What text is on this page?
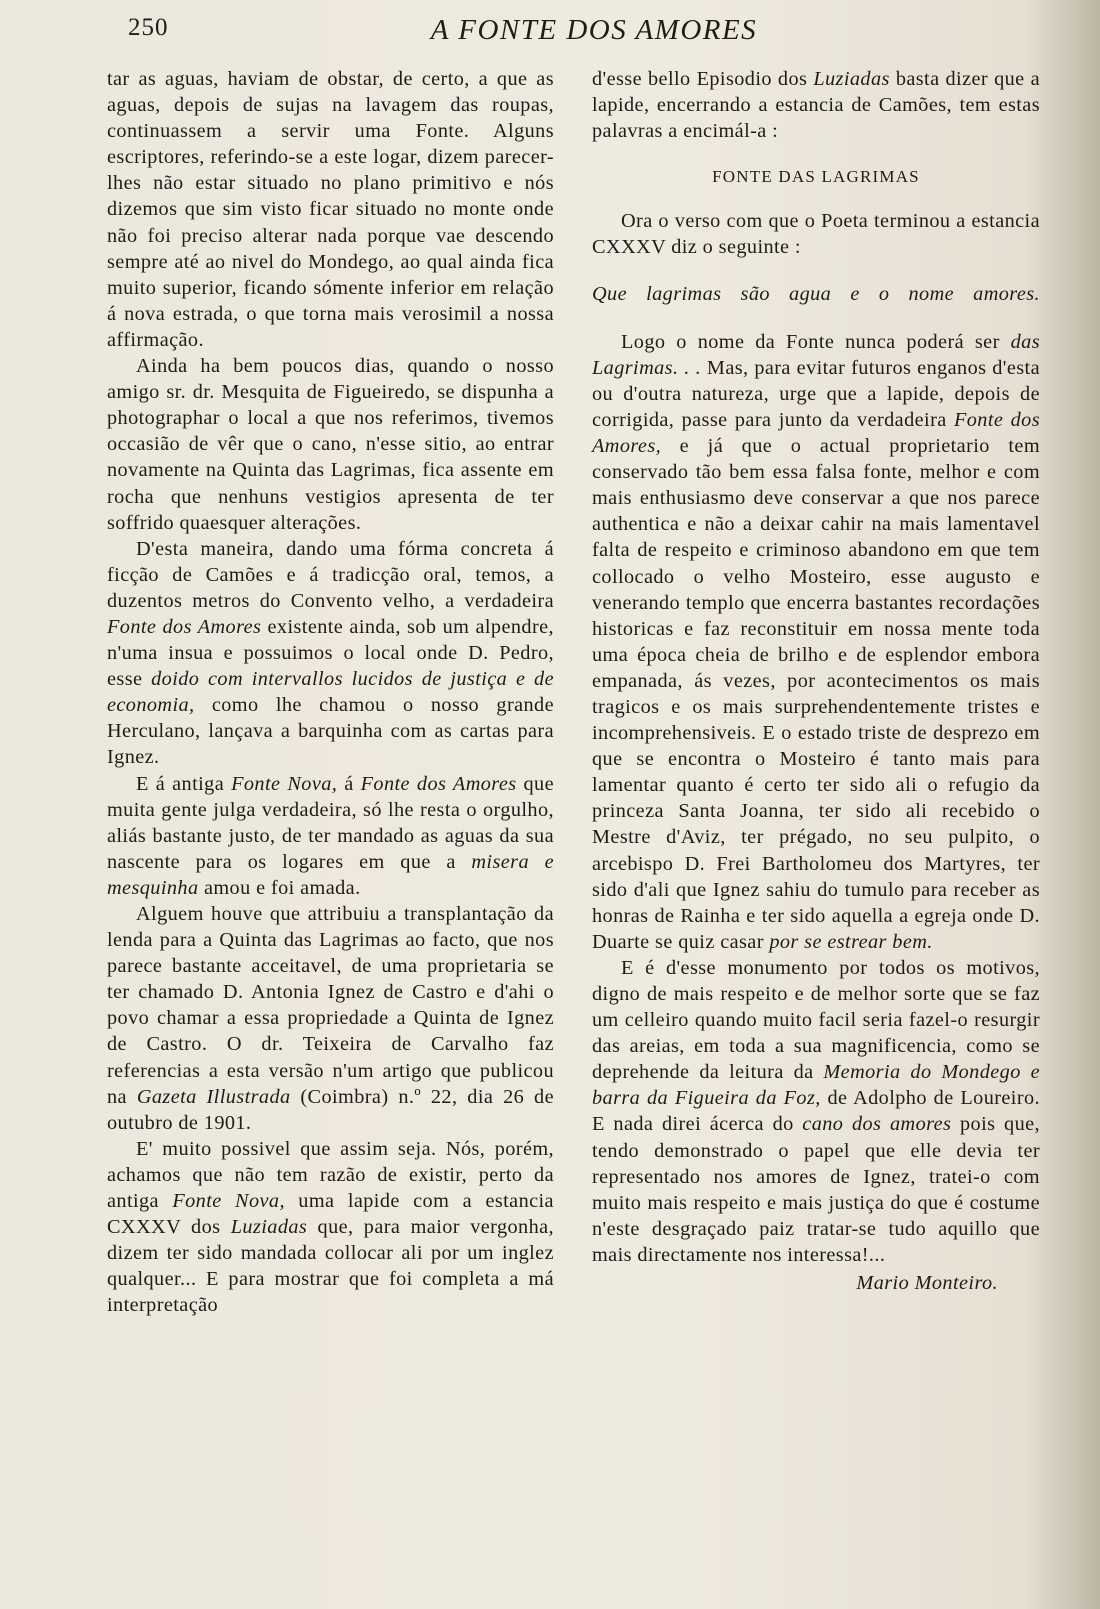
250	A FONTE DOS AMORES

tar as aguas, haviam de obstar, de certo, a que as aguas, depois de sujas na lavagem das roupas, continuassem a servir uma Fonte. Alguns escriptores, referindo-se a este logar, dizem parecer-lhes não estar situado no plano primitivo e nós dizemos que sim visto ficar situado no monte onde não foi preciso alterar nada porque vae descendo sempre até ao nivel do Mondego, ao qual ainda fica muito superior, ficando sómente inferior em relação á nova estrada, o que torna mais verosimil a nossa affirmação.

Ainda ha bem poucos dias, quando o nosso amigo sr. dr. Mesquita de Figueiredo, se dispunha a photographar o local a que nos referimos, tivemos occasião de vêr que o cano, n'esse sitio, ao entrar novamente na Quinta das Lagrimas, fica assente em rocha que nenhuns vestigios apresenta de ter soffrido quaesquer alterações.

D'esta maneira, dando uma fórma concreta á ficção de Camões e á tradicção oral, temos, a duzentos metros do Convento velho, a verdadeira Fonte dos Amores existente ainda, sob um alpendre, n'uma insua e possuimos o local onde D. Pedro, esse doido com intervallos lucidos de justiça e de economia, como lhe chamou o nosso grande Herculano, lançava a barquinha com as cartas para Ignez.

E á antiga Fonte Nova, á Fonte dos Amores que muita gente julga verdadeira, só lhe resta o orgulho, aliás bastante justo, de ter mandado as aguas da sua nascente para os logares em que a misera e mesquinha amou e foi amada.

Alguem houve que attribuiu a transplantação da lenda para a Quinta das Lagrimas ao facto, que nos parece bastante acceitavel, de uma proprietaria se ter chamado D. Antonia Ignez de Castro e d'ahi o povo chamar a essa propriedade a Quinta de Ignez de Castro. O dr. Teixeira de Carvalho faz referencias a esta versão n'um artigo que publicou na Gazeta Illustrada (Coimbra) n.º 22, dia 26 de outubro de 1901.

E' muito possivel que assim seja. Nós, porém, achamos que não tem razão de existir, perto da antiga Fonte Nova, uma lapide com a estancia CXXXV dos Luziadas que, para maior vergonha, dizem ter sido mandada collocar ali por um inglez qualquer... E para mostrar que foi completa a má interpretação

d'esse bello Episodio dos Luziadas basta dizer que a lapide, encerrando a estancia de Camões, tem estas palavras a encimál-a :

FONTE DAS LAGRIMAS

Ora o verso com que o Poeta terminou a estancia CXXXV diz o seguinte :

Que lagrimas são agua e o nome amores.

Logo o nome da Fonte nunca poderá ser das Lagrimas. . . Mas, para evitar futuros enganos d'esta ou d'outra natureza, urge que a lapide, depois de corrigida, passe para junto da verdadeira Fonte dos Amores, e já que o actual proprietario tem conservado tão bem essa falsa fonte, melhor e com mais enthusiasmo deve conservar a que nos parece authentica e não a deixar cahir na mais lamentavel falta de respeito e criminoso abandono em que tem collocado o velho Mosteiro, esse augusto e venerando templo que encerra bastantes recordações historicas e faz reconstituir em nossa mente toda uma época cheia de brilho e de esplendor embora empanada, ás vezes, por acontecimentos os mais tragicos e os mais surprehendentemente tristes e incomprehensiveis. E o estado triste de desprezo em que se encontra o Mosteiro é tanto mais para lamentar quanto é certo ter sido ali o refugio da princeza Santa Joanna, ter sido ali recebido o Mestre d'Aviz, ter prégado, no seu pulpito, o arcebispo D. Frei Bartholomeu dos Martyres, ter sido d'ali que Ignez sahiu do tumulo para receber as honras de Rainha e ter sido aquella a egreja onde D. Duarte se quiz casar por se estrear bem.

E é d'esse monumento por todos os motivos, digno de mais respeito e de melhor sorte que se faz um celleiro quando muito facil seria fazel-o resurgir das areias, em toda a sua magnificencia, como se deprehende da leitura da Memoria do Mondego e barra da Figueira da Foz, de Adolpho de Loureiro. E nada direi ácerca do cano dos amores pois que, tendo demonstrado o papel que elle devia ter representado nos amores de Ignez, tratei-o com muito mais respeito e mais justiça do que é costume n'este desgraçado paiz tratar-se tudo aquillo que mais directamente nos interessa!...

Mario Monteiro.
